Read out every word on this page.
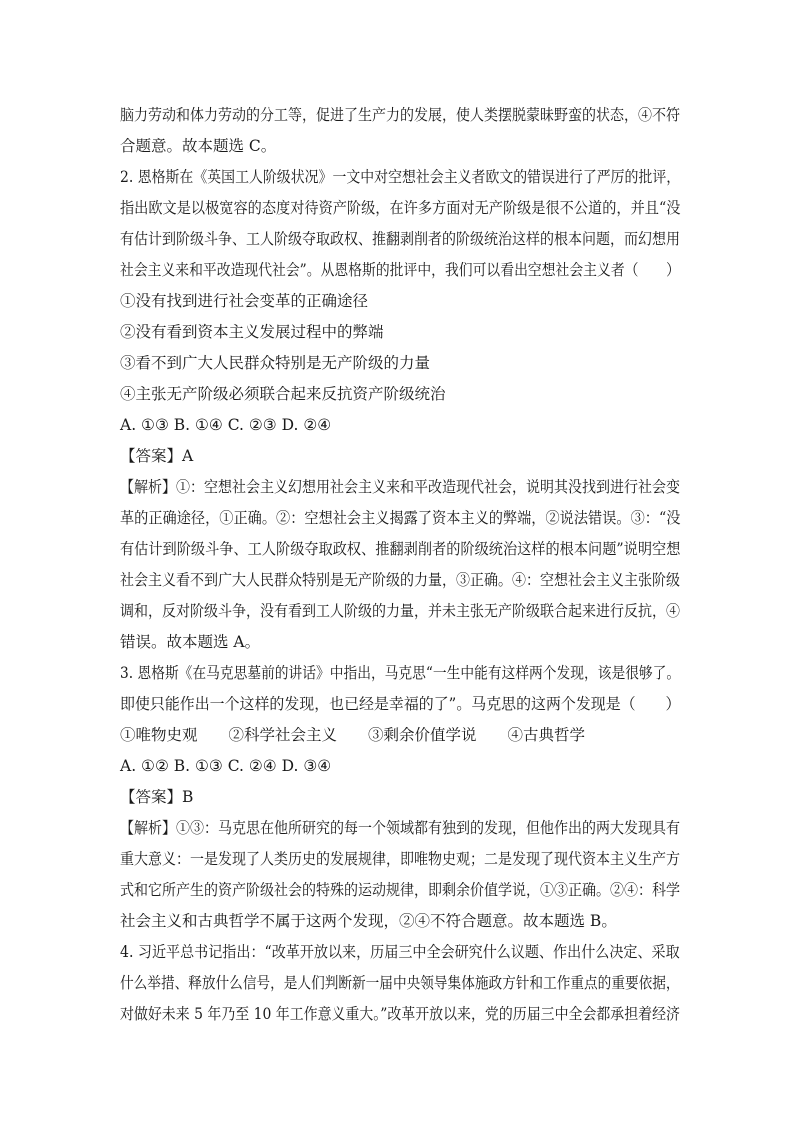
脑力劳动和体力劳动的分工等，促进了生产力的发展，使人类摆脱蒙昧野蛮的状态，④不符
合题意。故本题选 C。
2. 恩格斯在《英国工人阶级状况》一文中对空想社会主义者欧文的错误进行了严厉的批评，
指出欧文是以极宽容的态度对待资产阶级，在许多方面对无产阶级是很不公道的，并且“没
有估计到阶级斗争、工人阶级夺取政权、推翻剥削者的阶级统治这样的根本问题，而幻想用
社会主义来和平改造现代社会”。从恩格斯的批评中，我们可以看出空想社会主义者（　　）
①没有找到进行社会变革的正确途径
②没有看到资本主义发展过程中的弊端
③看不到广大人民群众特别是无产阶级的力量
④主张无产阶级必须联合起来反抗资产阶级统治
A. ①③ B. ①④ C. ②③ D. ②④
【答案】A
【解析】①：空想社会主义幻想用社会主义来和平改造现代社会，说明其没找到进行社会变
革的正确途径，①正确。②：空想社会主义揭露了资本主义的弊端，②说法错误。③：“没
有估计到阶级斗争、工人阶级夺取政权、推翻剥削者的阶级统治这样的根本问题”说明空想
社会主义看不到广大人民群众特别是无产阶级的力量，③正确。④：空想社会主义主张阶级
调和，反对阶级斗争，没有看到工人阶级的力量，并未主张无产阶级联合起来进行反抗，④
错误。故本题选 A。
3. 恩格斯《在马克思墓前的讲话》中指出，马克思“一生中能有这样两个发现，该是很够了。
即使只能作出一个这样的发现，也已经是幸福的了”。马克思的这两个发现是（　　）
①唯物史观　　②科学社会主义　　③剩余价值学说　　④古典哲学
A. ①② B. ①③ C. ②④ D. ③④
【答案】B
【解析】①③：马克思在他所研究的每一个领域都有独到的发现，但他作出的两大发现具有
重大意义：一是发现了人类历史的发展规律，即唯物史观；二是发现了现代资本主义生产方
式和它所产生的资产阶级社会的特殊的运动规律，即剩余价值学说，①③正确。②④：科学
社会主义和古典哲学不属于这两个发现，②④不符合题意。故本题选 B。
4. 习近平总书记指出：“改革开放以来，历届三中全会研究什么议题、作出什么决定、采取
什么举措、释放什么信号，是人们判断新一届中央领导集体施政方针和工作重点的重要依据，
对做好未来 5 年乃至 10 年工作意义重大。”改革开放以来，党的历届三中全会都承担着经济
